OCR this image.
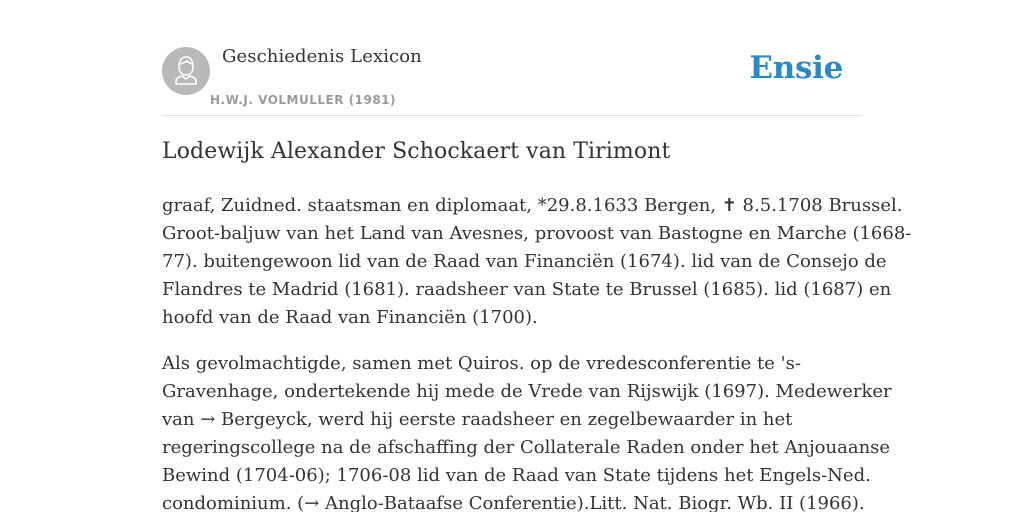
Geschiedenis Lexicon
H.W.J. VOLMULLER (1981)
Ensie
Lodewijk Alexander Schockaert van Tirimont

graaf, Zuidned. staatsman en diplomaat, *29.8.1633 Bergen, ✝ 8.5.1708 Brussel.
Groot-baljuw van het Land van Avesnes, provoost van Bastogne en Marche (1668-
77). buitengewoon lid van de Raad van Financiën (1674). lid van de Consejo de
Flandres te Madrid (1681). raadsheer van State te Brussel (1685). lid (1687) en
hoofd van de Raad van Financiën (1700).

Als gevolmachtigde, samen met Quiros. op de vredesconferentie te 's-
Gravenhage, ondertekende hij mede de Vrede van Rijswijk (1697). Medewerker
van → Bergeyck, werd hij eerste raadsheer en zegelbewaarder in het
regeringscollege na de afschaffing der Collaterale Raden onder het Anjouaanse
Bewind (1704-06); 1706-08 lid van de Raad van State tijdens het Engels-Ned.
condominium. (→ Anglo-Bataafse Conferentie).Litt. Nat. Biogr. Wb. II (1966).
